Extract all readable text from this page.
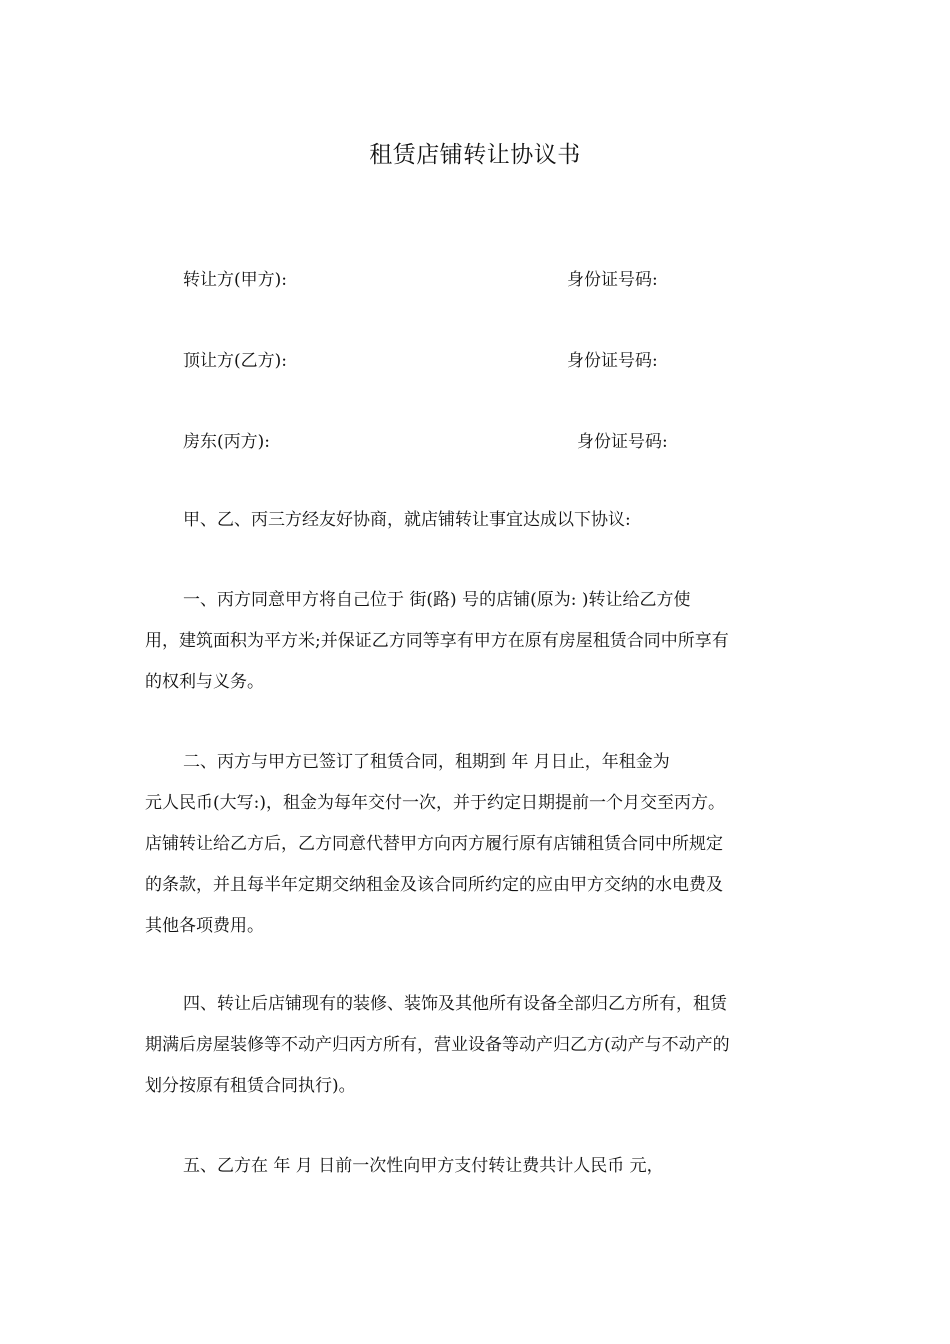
租赁店铺转让协议书
转让方(甲方):	身份证号码:
顶让方(乙方):	身份证号码:
房东(丙方):	身份证号码:
甲、乙、丙三方经友好协商，就店铺转让事宜达成以下协议:
一、丙方同意甲方将自己位于 街(路) 号的店铺(原为: )转让给乙方使
用，建筑面积为平方米;并保证乙方同等享有甲方在原有房屋租赁合同中所享有
的权利与义务。
二、丙方与甲方已签订了租赁合同，租期到 年 月日止，年租金为
元人民币(大写:)，租金为每年交付一次，并于约定日期提前一个月交至丙方。
店铺转让给乙方后，乙方同意代替甲方向丙方履行原有店铺租赁合同中所规定
的条款，并且每半年定期交纳租金及该合同所约定的应由甲方交纳的水电费及
其他各项费用。
四、转让后店铺现有的装修、装饰及其他所有设备全部归乙方所有，租赁
期满后房屋装修等不动产归丙方所有，营业设备等动产归乙方(动产与不动产的
划分按原有租赁合同执行)。
五、乙方在 年 月 日前一次性向甲方支付转让费共计人民币 元，
